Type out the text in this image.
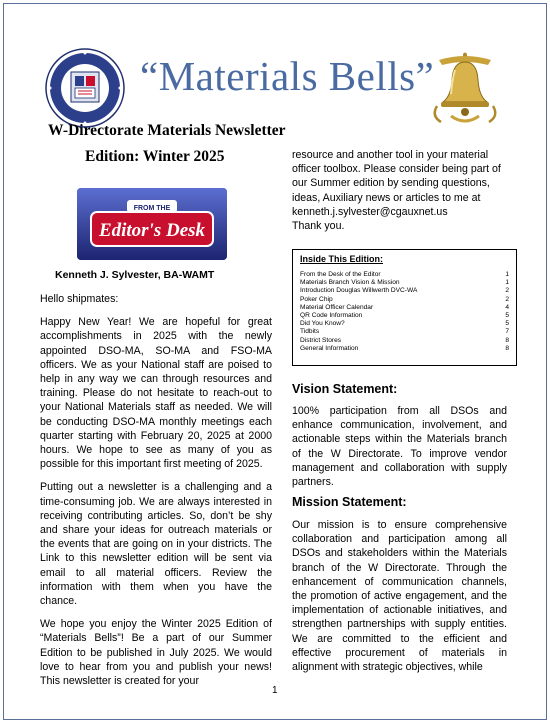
“Materials Bells”
W-Directorate Materials Newsletter
Edition: Winter 2025
FROM THE
Editor's Desk
Kenneth J. Sylvester, BA-WAMT

Hello shipmates:

Happy New Year! We are hopeful for great accomplishments in 2025 with the newly appointed DSO-MA, SO-MA and FSO-MA officers. We as your National staff are poised to help in any way we can through resources and training. Please do not hesitate to reach-out to your National Materials staff as needed. We will be conducting DSO-MA monthly meetings each quarter starting with February 20, 2025 at 2000 hours. We hope to see as many of you as possible for this important first meeting of 2025.

Putting out a newsletter is a challenging and a time-consuming job. We are always interested in receiving contributing articles. So, don’t be shy and share your ideas for outreach materials or the events that are going on in your districts. The Link to this newsletter edition will be sent via email to all material officers. Review the information with them when you have the chance.

We hope you enjoy the Winter 2025 Edition of “Materials Bells”! Be a part of our Summer Edition to be published in July 2025. We would love to hear from you and publish your news! This newsletter is created for your

resource and another tool in your material officer toolbox. Please consider being part of our Summer edition by sending questions, ideas, Auxiliary news or articles to me at kenneth.j.sylvester@cgauxnet.us

Thank you.

Inside This Edition:
From the Desk of the Editor	1
Materials Branch Vision & Mission	1
Introduction Douglas Willwerth DVC-WA	2
Poker Chip	2
Material Officer Calendar	4
QR Code Information	5
Did You Know?	5
Tidbits	7
District Stores	8
General Information	8
Vision Statement:

100% participation from all DSOs and enhance communication, involvement, and actionable steps within the Materials branch of the W Directorate. To improve vendor management and collaboration with supply partners.

Mission Statement:

Our mission is to ensure comprehensive collaboration and participation among all DSOs and stakeholders within the Materials branch of the W Directorate. Through the enhancement of communication channels, the promotion of active engagement, and the implementation of actionable initiatives, and strengthen partnerships with supply entities. We are committed to the efficient and effective procurement of materials in alignment with strategic objectives, while

1
